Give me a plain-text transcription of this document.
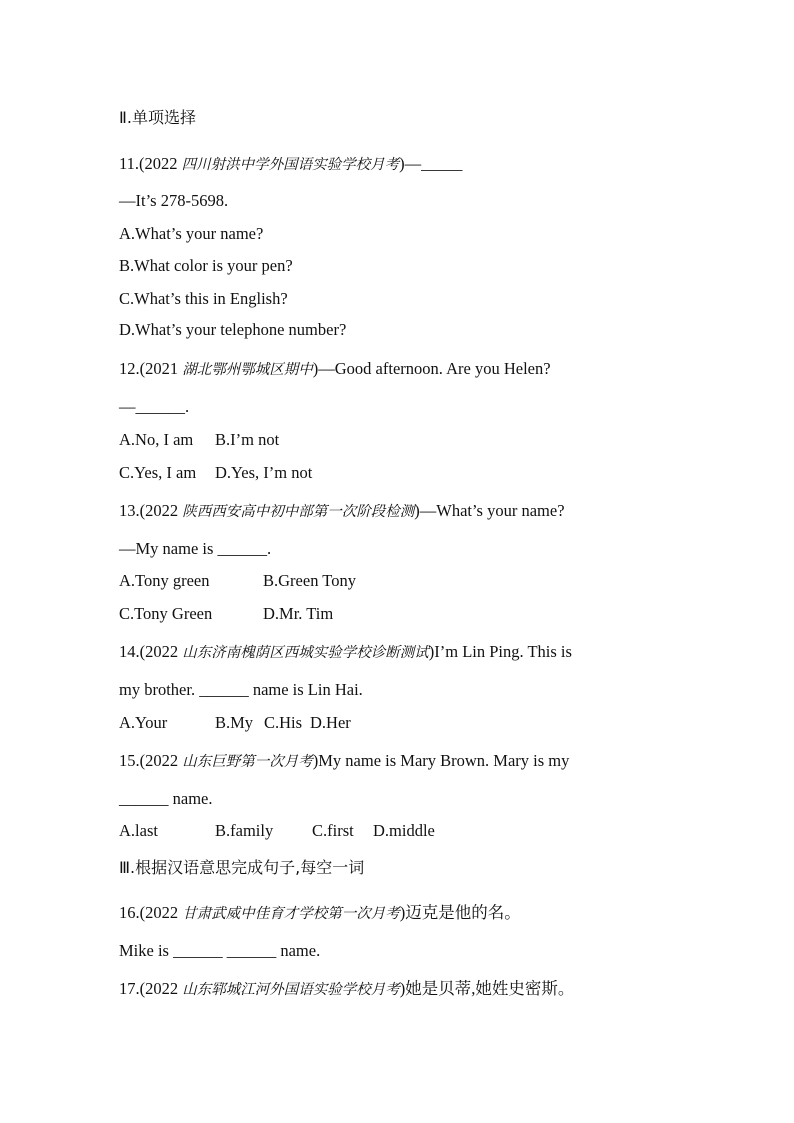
Ⅱ.单项选择
11.(2022 四川射洪中学外国语实验学校月考)—_____
—It’s 278-5698.
A.What’s your name?
B.What color is your pen?
C.What’s this in English?
D.What’s your telephone number?
12.(2021 湖北鄂州鄂城区期中)—Good afternoon. Are you Helen?
—______.
A.No, I am B.I’m not
C.Yes, I am D.Yes, I’m not
13.(2022 陕西西安高中初中部第一次阶段检测)—What’s your name?
—My name is ______.
A.Tony green	B.Green Tony
C.Tony Green	D.Mr. Tim
14.(2022 山东济南槐荫区西城实验学校诊断测试)I’m Lin Ping. This is
my brother. ______ name is Lin Hai.
A.Your	B.My C.His D.Her
15.(2022 山东巨野第一次月考)My name is Mary Brown. Mary is my
______ name.
A.last	B.family C.first D.middle
Ⅲ.根据汉语意思完成句子,每空一词
16.(2022 甘肃武威中佳育才学校第一次月考)迈克是他的名。
Mike is ______ ______ name.
17.(2022 山东郓城江河外国语实验学校月考)她是贝蒂,她姓史密斯。
